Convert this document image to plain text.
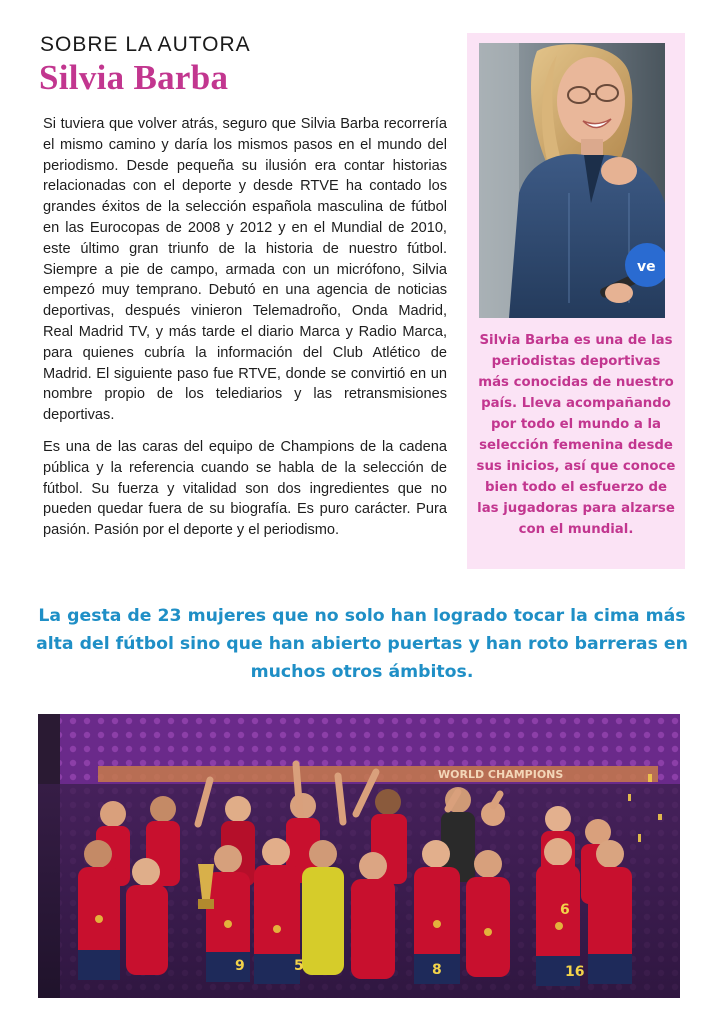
SOBRE LA AUTORA
Silvia Barba

Si tuviera que volver atrás, seguro que Silvia Barba recorrería el mismo camino y daría los mismos pasos en el mundo del periodismo. Desde pequeña su ilusión era contar historias relacionadas con el deporte y desde RTVE ha contado los grandes éxitos de la selección española masculina de fútbol en las Eurocopas de 2008 y 2012 y en el Mundial de 2010, este último gran triunfo de la historia de nuestro fútbol. Siempre a pie de campo, armada con un micrófono, Silvia empezó muy temprano. Debutó en una agencia de noticias deportivas, después vinieron Telemadroño, Onda Madrid, Real Madrid TV, y más tarde el diario Marca y Radio Marca, para quienes cubría la información del Club Atlético de Madrid. El siguiente paso fue RTVE, donde se convirtió en un nombre propio de los telediarios y las retransmisiones deportivas.

Es una de las caras del equipo de Champions de la cadena pública y la referencia cuando se habla de la selección de fútbol. Su fuerza y vitalidad son dos ingredientes que no pueden quedar fuera de su biografía. Es puro carácter. Pura pasión. Pasión por el deporte y el periodismo.

ve
Silvia Barba es una de las periodistas deportivas más conocidas de nuestro país. Lleva acompañando por todo el mundo a la selección femenina desde sus inicios, así que conoce bien todo el esfuerzo de las jugadoras para alzarse con el mundial.
La gesta de 23 mujeres que no solo han logrado tocar la cima más alta del fútbol sino que han abierto puertas y han roto barreras en muchos otros ámbitos.
WORLD CHAMPIONS
9	5	8
6
16
